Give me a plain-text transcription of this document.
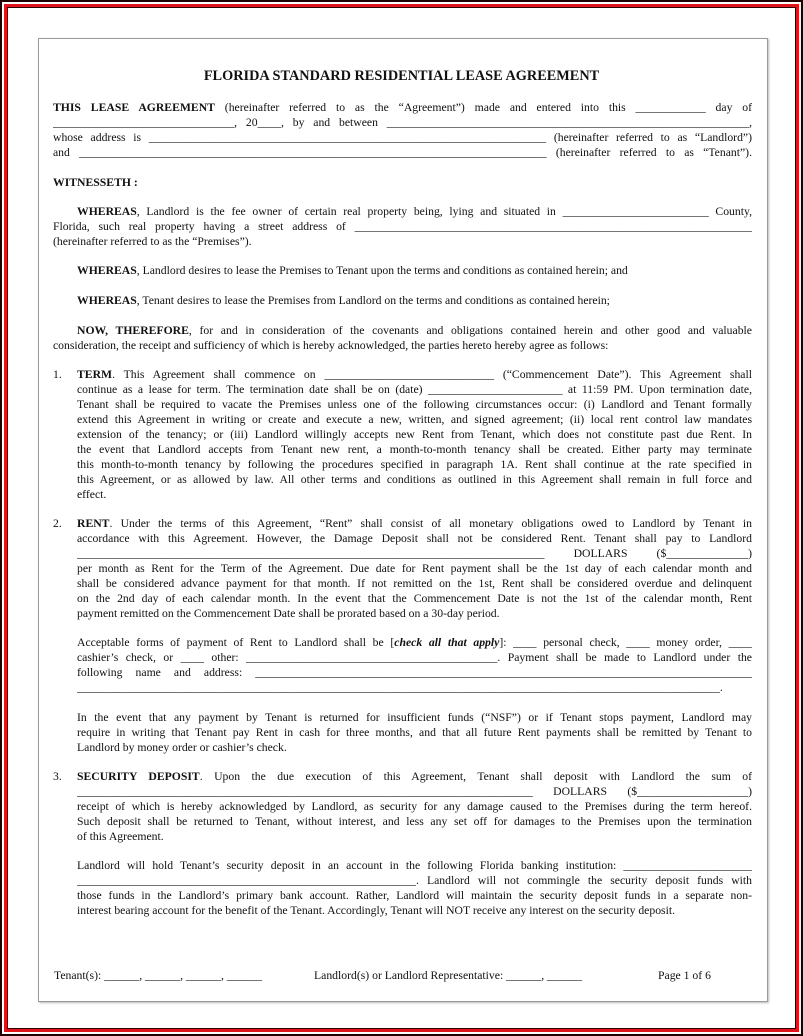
FLORIDA STANDARD RESIDENTIAL LEASE AGREEMENT
THIS LEASE AGREEMENT (hereinafter referred to as the “Agreement”) made and entered into this ____________ day of
_______________________________, 20____, by and between ______________________________________________________________,
whose address is ____________________________________________________________________ (hereinafter referred to as “Landlord”)
and ________________________________________________________________________________ (hereinafter referred to as “Tenant”).
WITNESSETH :
WHEREAS, Landlord is the fee owner of certain real property being, lying and situated in _________________________ County,
Florida, such real property having a street address of ____________________________________________________________________
(hereinafter referred to as the “Premises”).
WHEREAS, Landlord desires to lease the Premises to Tenant upon the terms and conditions as contained herein; and
WHEREAS, Tenant desires to lease the Premises from Landlord on the terms and conditions as contained herein;
NOW, THEREFORE, for and in consideration of the covenants and obligations contained herein and other good and valuable
consideration, the receipt and sufficiency of which is hereby acknowledged, the parties hereto hereby agree as follows:
1. TERM. This Agreement shall commence on _____________________________ (“Commencement Date”). This Agreement shall
continue as a lease for term. The termination date shall be on (date) _______________________ at 11:59 PM. Upon termination date,
Tenant shall be required to vacate the Premises unless one of the following circumstances occur: (i) Landlord and Tenant formally
extend this Agreement in writing or create and execute a new, written, and signed agreement; (ii) local rent control law mandates
extension of the tenancy; or (iii) Landlord willingly accepts new Rent from Tenant, which does not constitute past due Rent. In
the event that Landlord accepts from Tenant new rent, a month-to-month tenancy shall be created. Either party may terminate
this month-to-month tenancy by following the procedures specified in paragraph 1A. Rent shall continue at the rate specified in
this Agreement, or as allowed by law. All other terms and conditions as outlined in this Agreement shall remain in full force and
effect.
2. RENT. Under the terms of this Agreement, “Rent” shall consist of all monetary obligations owed to Landlord by Tenant in
accordance with this Agreement. However, the Damage Deposit shall not be considered Rent. Tenant shall pay to Landlord
________________________________________________________________________________ DOLLARS ($______________)
per month as Rent for the Term of the Agreement. Due date for Rent payment shall be the 1st day of each calendar month and
shall be considered advance payment for that month. If not remitted on the 1st, Rent shall be considered overdue and delinquent
on the 2nd day of each calendar month. In the event that the Commencement Date is not the 1st of the calendar month, Rent
payment remitted on the Commencement Date shall be prorated based on a 30-day period.
Acceptable forms of payment of Rent to Landlord shall be [check all that apply]: ____ personal check, ____ money order, ____
cashier’s check, or ____ other: ___________________________________________. Payment shall be made to Landlord under the
following name and address: _____________________________________________________________________________________
______________________________________________________________________________________________________________.
In the event that any payment by Tenant is returned for insufficient funds (“NSF”) or if Tenant stops payment, Landlord may
require in writing that Tenant pay Rent in cash for three months, and that all future Rent payments shall be remitted by Tenant to
Landlord by money order or cashier’s check.
3. SECURITY DEPOSIT. Upon the due execution of this Agreement, Tenant shall deposit with Landlord the sum of
______________________________________________________________________________ DOLLARS ($___________________)
receipt of which is hereby acknowledged by Landlord, as security for any damage caused to the Premises during the term hereof.
Such deposit shall be returned to Tenant, without interest, and less any set off for damages to the Premises upon the termination
of this Agreement.
Landlord will hold Tenant’s security deposit in an account in the following Florida banking institution: ______________________
__________________________________________________________. Landlord will not commingle the security deposit funds with
those funds in the Landlord’s primary bank account. Rather, Landlord will maintain the security deposit funds in a separate non-
interest bearing account for the benefit of the Tenant. Accordingly, Tenant will NOT receive any interest on the security deposit.
Tenant(s): ______, ______, ______, ______	Landlord(s) or Landlord Representative: ______, ______	Page 1 of 6
